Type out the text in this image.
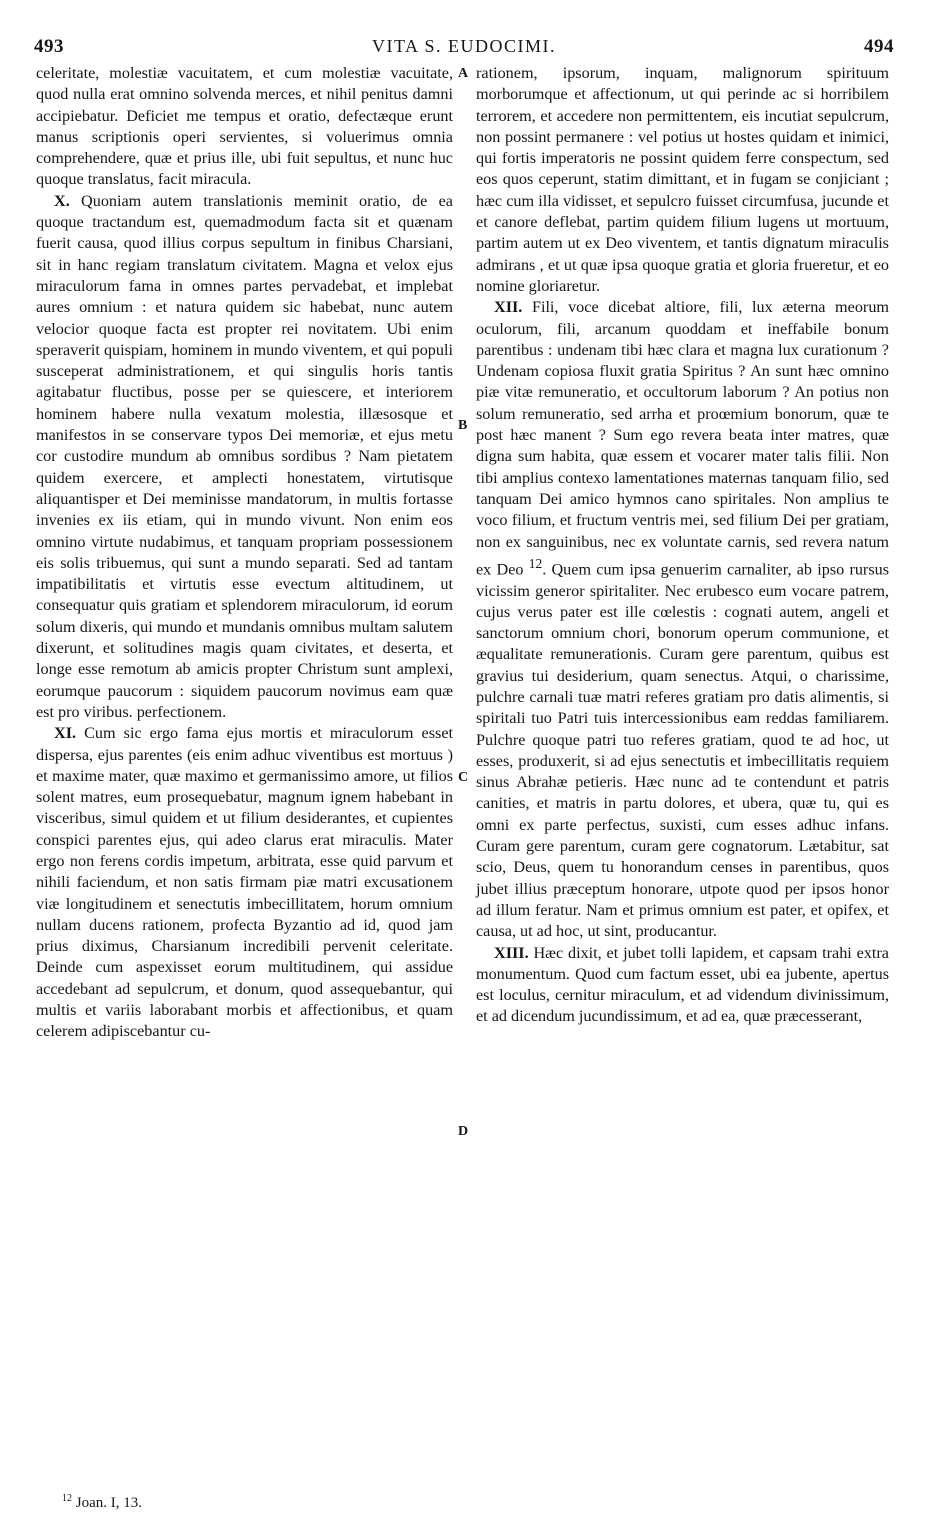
493	VITA S. EUDOCIMI.	494

celeritate, molestiæ vacuitatem, et cum molestiæ vacuitate, quod nulla erat omnino solvenda merces, et nihil penitus damni accipiebatur. Deficiet me tempus et oratio, defectæque erunt manus scriptionis operi servientes, si voluerimus omnia comprehendere, quæ et prius ille, ubi fuit sepultus, et nunc huc quoque translatus, facit miracula.

X. Quoniam autem translationis meminit oratio, de ea quoque tractandum est, quemadmodum facta sit et quænam fuerit causa, quod illius corpus sepultum in finibus Charsiani, sit in hanc regiam translatum civitatem. Magna et velox ejus miraculorum fama in omnes partes pervadebat, et implebat aures omnium : et natura quidem sic habebat, nunc autem velocior quoque facta est propter rei novitatem. Ubi enim speraverit quispiam, hominem in mundo viventem, et qui populi susceperat administrationem, et qui singulis horis tantis agitabatur fluctibus, posse per se quiescere, et interiorem hominem habere nulla vexatum molestia, illæsosque et manifestos in se conservare typos Dei memoriæ, et ejus metu cor custodire mundum ab omnibus sordibus ? Nam pietatem quidem exercere, et amplecti honestatem, virtutisque aliquantisper et Dei meminisse mandatorum, in multis fortasse invenies ex iis etiam, qui in mundo vivunt. Non enim eos omnino virtute nudabimus, et tanquam propriam possessionem eis solis tribuemus, qui sunt a mundo separati. Sed ad tantam impatibilitatis et virtutis esse evectum altitudinem, ut consequatur quis gratiam et splendorem miraculorum, id eorum solum dixeris, qui mundo et mundanis omnibus multam salutem dixerunt, et solitudines magis quam civitates, et deserta, et longe esse remotum ab amicis propter Christum sunt amplexi, eorumque paucorum : siquidem paucorum novimus eam quæ est pro viribus. perfectionem.

XI. Cum sic ergo fama ejus mortis et miraculorum esset dispersa, ejus parentes (eis enim adhuc viventibus est mortuus ) et maxime mater, quæ maximo et germanissimo amore, ut filios solent matres, eum prosequebatur, magnum ignem habebant in visceribus, simul quidem et ut filium desiderantes, et cupientes conspici parentes ejus, qui adeo clarus erat miraculis. Mater ergo non ferens cordis impetum, arbitrata, esse quid parvum et nihili faciendum, et non satis firmam piæ matri excusationem viæ longitudinem et senectutis imbecillitatem, horum omnium nullam ducens rationem, profecta Byzantio ad id, quod jam prius diximus, Charsianum incredibili pervenit celeritate. Deinde cum aspexisset eorum multitudinem, qui assidue accedebant ad sepulcrum, et donum, quod assequebantur, qui multis et variis laborabant morbis et affectionibus, et quam celerem adipiscebantur cu-

A
B
C
D

rationem, ipsorum, inquam, malignorum spirituum morborumque et affectionum, ut qui perinde ac si horribilem terrorem, et accedere non permittentem, eis incutiat sepulcrum, non possint permanere : vel potius ut hostes quidam et inimici, qui fortis imperatoris ne possint quidem ferre conspectum, sed eos quos ceperunt, statim dimittant, et in fugam se conjiciant ; hæc cum illa vidisset, et sepulcro fuisset circumfusa, jucunde et et canore deflebat, partim quidem filium lugens ut mortuum, partim autem ut ex Deo viventem, et tantis dignatum miraculis admirans , et ut quæ ipsa quoque gratia et gloria frueretur, et eo nomine gloriaretur.

XII. Fili, voce dicebat altiore, fili, lux æterna meorum oculorum, fili, arcanum quoddam et ineffabile bonum parentibus : undenam tibi hæc clara et magna lux curationum ? Undenam copiosa fluxit gratia Spiritus ? An sunt hæc omnino piæ vitæ remuneratio, et occultorum laborum ? An potius non solum remuneratio, sed arrha et proœmium bonorum, quæ te post hæc manent ? Sum ego revera beata inter matres, quæ digna sum habita, quæ essem et vocarer mater talis filii. Non tibi amplius contexo lamentationes maternas tanquam filio, sed tanquam Dei amico hymnos cano spiritales. Non amplius te voco filium, et fructum ventris mei, sed filium Dei per gratiam, non ex sanguinibus, nec ex voluntate carnis, sed revera natum ex Deo $^{12}$. Quem cum ipsa genuerim carnaliter, ab ipso rursus vicissim generor spiritaliter. Nec erubesco eum vocare patrem, cujus verus pater est ille cœlestis : cognati autem, angeli et sanctorum omnium chori, bonorum operum communione, et æqualitate remunerationis. Curam gere parentum, quibus est gravius tui desiderium, quam senectus. Atqui, o charissime, pulchre carnali tuæ matri referes gratiam pro datis alimentis, si spiritali tuo Patri tuis intercessionibus eam reddas familiarem. Pulchre quoque patri tuo referes gratiam, quod te ad hoc, ut esses, produxerit, si ad ejus senectutis et imbecillitatis requiem sinus Abrahæ petieris. Hæc nunc ad te contendunt et patris canities, et matris in partu dolores, et ubera, quæ tu, qui es omni ex parte perfectus, suxisti, cum esses adhuc infans. Curam gere parentum, curam gere cognatorum. Lætabitur, sat scio, Deus, quem tu honorandum censes in parentibus, quos jubet illius præceptum honorare, utpote quod per ipsos honor ad illum feratur. Nam et primus omnium est pater, et opifex, et causa, ut ad hoc, ut sint, producantur.

XIII. Hæc dixit, et jubet tolli lapidem, et capsam trahi extra monumentum. Quod cum factum esset, ubi ea jubente, apertus est loculus, cernitur miraculum, et ad videndum divinissimum, et ad dicendum jucundissimum, et ad ea, quæ præcesserant,

$^{12}$ Joan. I, 13.
